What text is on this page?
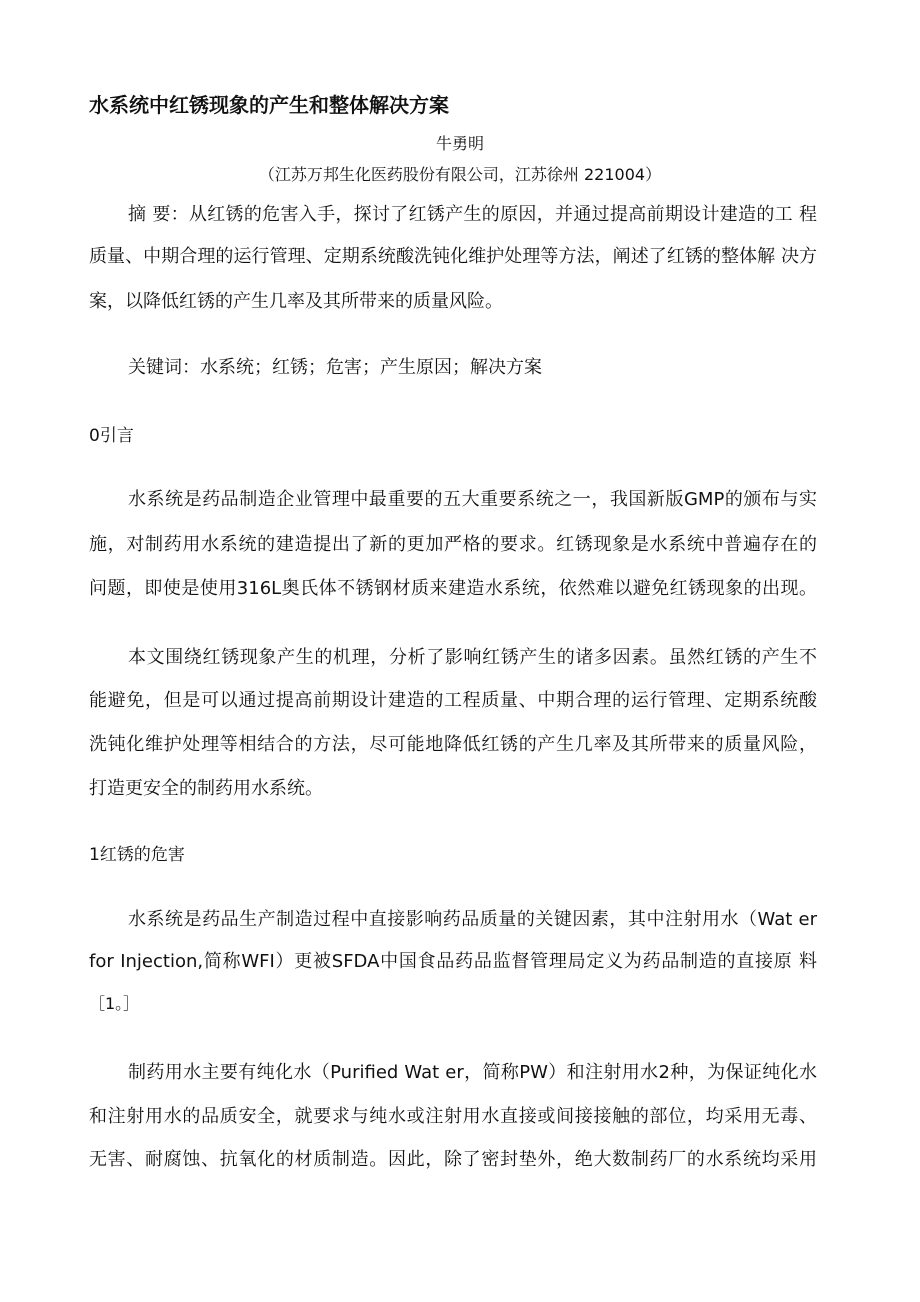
水系统中红锈现象的产生和整体解决方案
牛勇明
（江苏万邦生化医药股份有限公司，江苏徐州 221004）
摘 要：从红锈的危害入手，探讨了红锈产生的原因，并通过提高前期设计建造的工 程
质量、中期合理的运行管理、定期系统酸洗钝化维护处理等方法，阐述了红锈的整体解 决方
案，以降低红锈的产生几率及其所带来的质量风险。
关键词：水系统；红锈；危害；产生原因；解决方案
0引言
水系统是药品制造企业管理中最重要的五大重要系统之一，我国新版GMP的颁布与实
施，对制药用水系统的建造提出了新的更加严格的要求。红锈现象是水系统中普遍存在的
问题，即使是使用316L奥氏体不锈钢材质来建造水系统，依然难以避免红锈现象的出现。
本文围绕红锈现象产生的机理，分析了影响红锈产生的诸多因素。虽然红锈的产生不
能避免，但是可以通过提高前期设计建造的工程质量、中期合理的运行管理、定期系统酸
洗钝化维护处理等相结合的方法，尽可能地降低红锈的产生几率及其所带来的质量风险，
打造更安全的制药用水系统。
1红锈的危害
水系统是药品生产制造过程中直接影响药品质量的关键因素，其中注射用水（Wat er
for Injection,简称WFI）更被SFDA中国食品药品监督管理局定义为药品制造的直接原 料
［1。］
制药用水主要有纯化水（Purified Wat er，简称PW）和注射用水2种，为保证纯化水
和注射用水的品质安全，就要求与纯水或注射用水直接或间接接触的部位，均采用无毒、
无害、耐腐蚀、抗氧化的材质制造。因此，除了密封垫外，绝大数制药厂的水系统均采用
